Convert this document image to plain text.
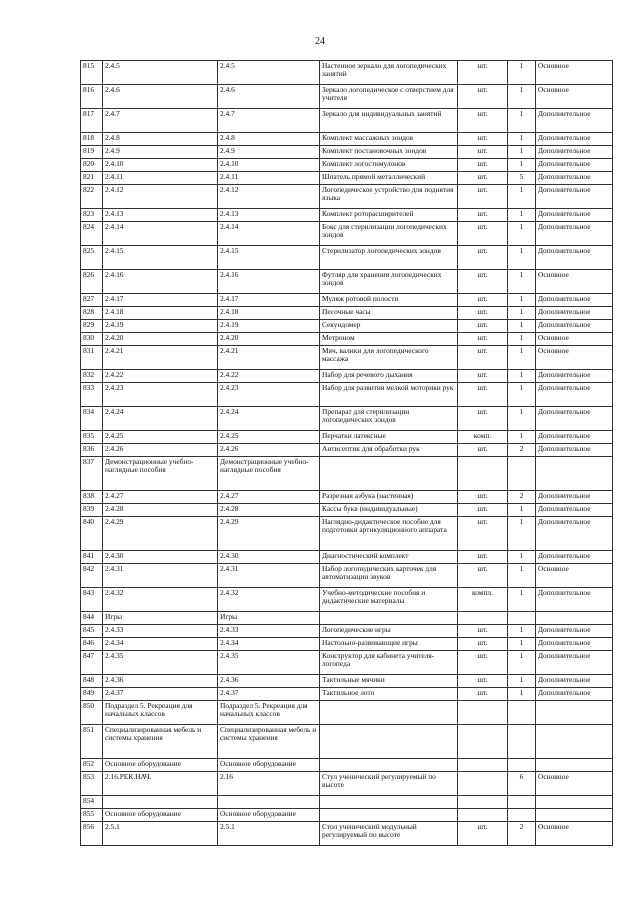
24
815	2.4.5	2.4.5	Настенное зеркало для логопедических занятий	шт.	1	Основное
816	2.4.6	2.4.6	Зеркало логопедическое с отверстием для учителя	шт.	1	Основное
817	2.4.7	2.4.7	Зеркало для индивидуальных занятий	шт.	1	Дополнительное
818	2.4.8	2.4.8	Комплект массажных зондов	шт.	1	Дополнительное
819	2.4.9	2.4.9	Комплект постановочных зондов	шт.	1	Дополнительное
820	2.4.10	2.4.10	Комплект логостимулонов	шт.	1	Дополнительное
821	2.4.11	2.4.11	Шпатель прямой металлический	шт.	5	Дополнительное
822	2.4.12	2.4.12	Логопедическое устройство для поднятия языка	шт.	1	Дополнительное
823	2.4.13	2.4.13	Комплект роторасширителей	шт.	1	Дополнительное
824	2.4.14	2.4.14	Бокс для стерилизации логопедических зондов	шт.	1	Дополнительное
825	2.4.15	2.4.15	Стерилизатор логопедических зондов	шт.	1	Дополнительное
826	2.4.16	2.4.16	Футляр для хранения логопедических зондов	шт.	1	Основное
827	2.4.17	2.4.17	Муляж ротовой полости	шт.	1	Дополнительное
828	2.4.18	2.4.18	Песочные часы	шт.	1	Дополнительное
829	2.4.19	2.4.19	Секундомер	шт.	1	Дополнительное
830	2.4.20	2.4.20	Метроном	шт.	1	Основное
831	2.4.21	2.4.21	Мяч, валики для логопедического массажа	шт.	1	Основное
832	2.4.22	2.4.22	Набор для речевого дыхания	шт.	1	Дополнительное
833	2.4.23	2.4.23	Набор для развития мелкой моторики рук	шт.	1	Дополнительное
834	2.4.24	2.4.24	Препарат для стерилизации логопедических зондов	шт.	1	Дополнительное
835	2.4.25	2.4.25	Перчатки латексные	комп.	1	Дополнительное
836	2.4.26	2.4.26	Антисептик для обработки рук	шт.	2	Дополнительное
837	Демонстрационные учебно-наглядные пособия	Демонстрационные учебно-наглядные пособия				
838	2.4.27	2.4.27	Разрезная азбука (настенная)	шт.	2	Дополнительное
839	2.4.28	2.4.28	Кассы букв (индивидуальные)	шт.	1	Дополнительное
840	2.4.29	2.4.29	Наглядно-дидактическое пособие для подготовки артикуляционного аппарата	шт.	1	Дополнительное
841	2.4.30	2.4.30	Диагностический комплект	шт.	1	Дополнительное
842	2.4.31	2.4.31	Набор логопедических карточек для автоматизации звуков	шт.	1	Основное
843	2.4.32	2.4.32	Учебно-методические пособия и дидактические материалы	компл.	1	Дополнительное
844	Игры	Игры				
845	2.4.33	2.4.33	Логопедические игры	шт.	1	Дополнительное
846	2.4.34	2.4.34	Настольно-развивающие игры	шт.	1	Дополнительное
847	2.4.35	2.4.35	Конструктор для кабинета учителя-логопеда	шт.	1	Дополнительное
848	2.4.36	2.4.36	Тактильные мячики	шт.	1	Дополнительное
849	2.4.37	2.4.37	Тактильное лото	шт.	1	Дополнительное
850	Подраздел 5. Рекреация для начальных классов	Подраздел 5. Рекреация для начальных классов				
851	Специализированная мебель и системы хранения	Специализированная мебель и системы хранения				
852	Основное оборудование	Основное оборудование				
853	2.16.РЕК.НАЧ.	2.16	Стул ученический регулируемый по высоте		6	Основное
854						
855	Основное оборудование	Основное оборудование				
856	2.5.1	2.5.1	Стол ученический модульный регулируемый по высоте	шт.	2	Основное
